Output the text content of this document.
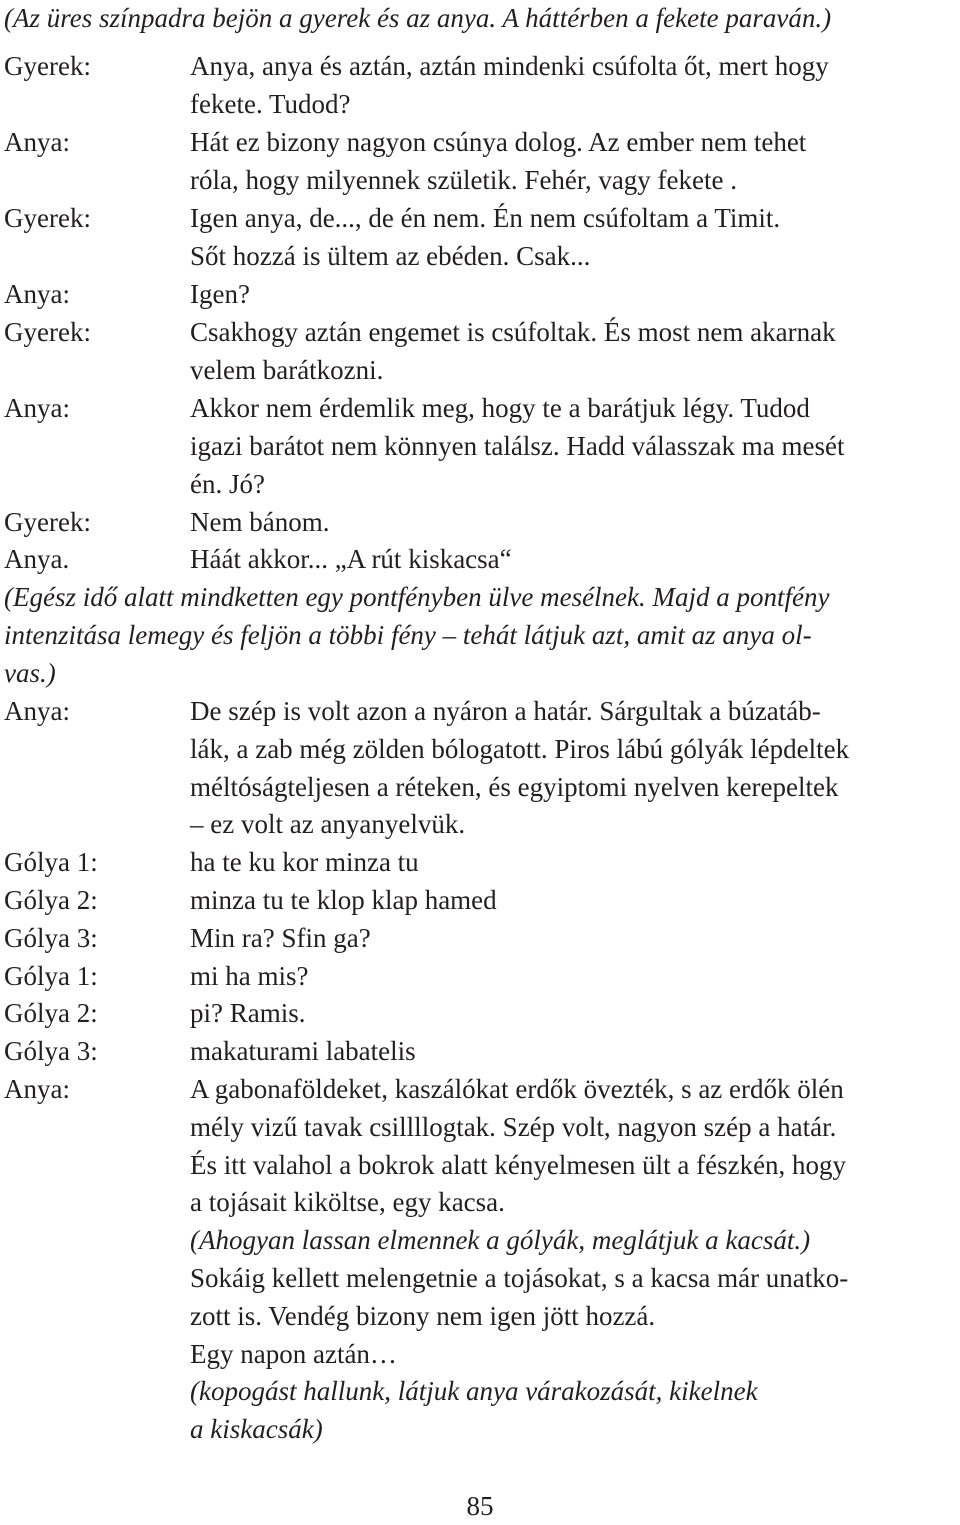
(Az üres színpadra bejön a gyerek és az anya. A háttérben a fekete paraván.)
Gyerek:	Anya, anya és aztán, aztán mindenki csúfolta őt, mert hogy
fekete. Tudod?
Anya:	Hát ez bizony nagyon csúnya dolog. Az ember nem tehet
róla, hogy milyennek születik. Fehér, vagy fekete .
Gyerek:	Igen anya, de..., de én nem. Én nem csúfoltam a Timit.
Sőt hozzá is ültem az ebéden. Csak...
Anya:	Igen?
Gyerek:	Csakhogy aztán engemet is csúfoltak. És most nem akarnak
velem barátkozni.
Anya:	Akkor nem érdemlik meg, hogy te a barátjuk légy. Tudod
igazi barátot nem könnyen találsz. Hadd válasszak ma mesét
én. Jó?
Gyerek:	Nem bánom.
Anya.	Háát akkor... „A rút kiskacsa“
(Egész idő alatt mindketten egy pontfényben ülve mesélnek. Majd a pontfény
intenzitása lemegy és feljön a többi fény – tehát látjuk azt, amit az anya ol-
vas.)
Anya:	De szép is volt azon a nyáron a határ. Sárgultak a búzatáb-
lák, a zab még zölden bólogatott. Piros lábú gólyák lépdeltek
méltóságteljesen a réteken, és egyiptomi nyelven kerepeltek
– ez volt az anyanyelvük.
Gólya 1:	ha te ku kor minza tu
Gólya 2:	minza tu te klop klap hamed
Gólya 3:	Min ra? Sfin ga?
Gólya 1:	mi ha mis?
Gólya 2:	pi? Ramis.
Gólya 3:	makaturami labatelis
Anya:	A gabonaföldeket, kaszálókat erdők övezték, s az erdők ölén
mély vizű tavak csillllogtak. Szép volt, nagyon szép a határ.
És itt valahol a bokrok alatt kényelmesen ült a fészkén, hogy
a tojásait kiköltse, egy kacsa.
(Ahogyan lassan elmennek a gólyák, meglátjuk a kacsát.)
Sokáig kellett melengetnie a tojásokat, s a kacsa már unatko-
zott is. Vendég bizony nem igen jött hozzá.
Egy napon aztán…
(kopogást hallunk, látjuk anya várakozását, kikelnek
a kiskacsák)
85
